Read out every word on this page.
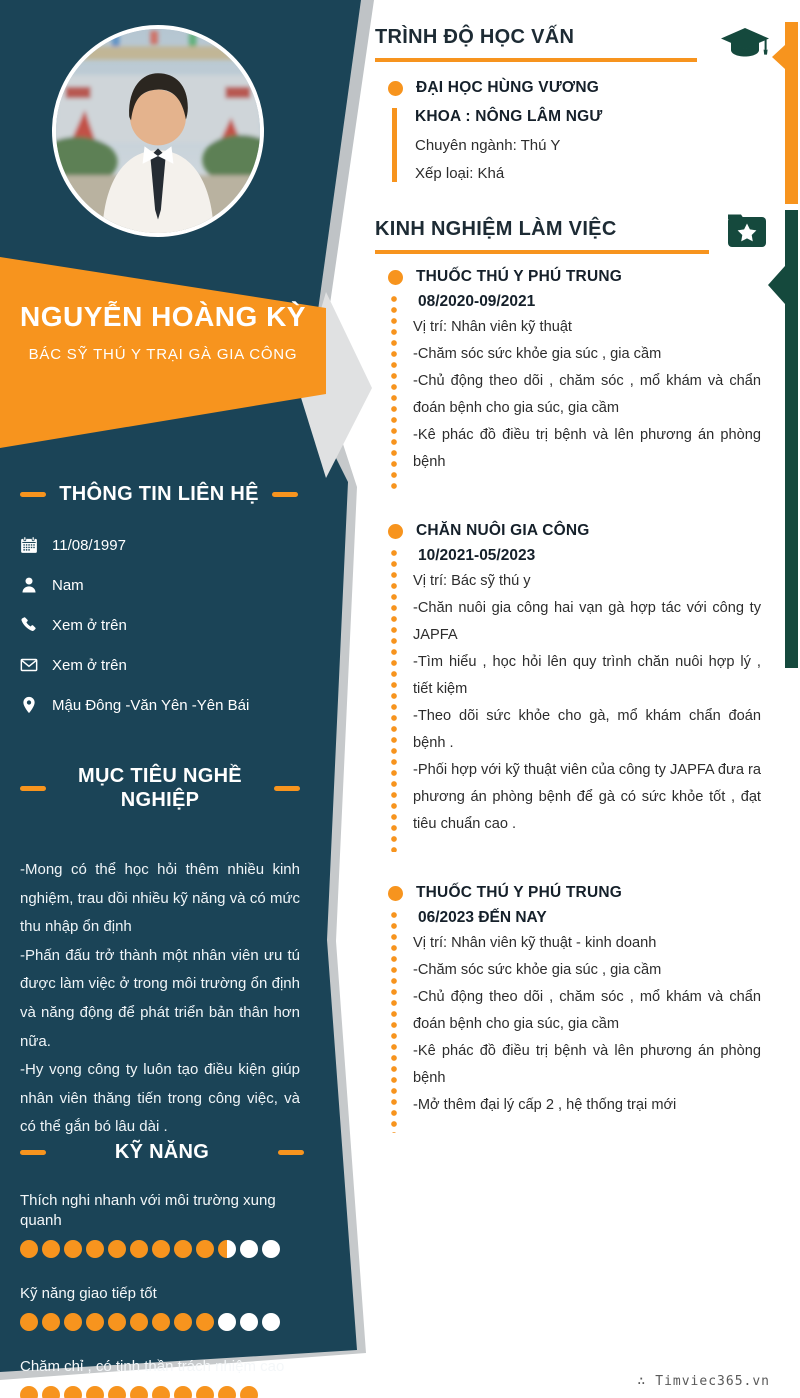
NGUYỄN HOÀNG KỲ
BÁC SỸ THÚ Y TRẠI GÀ GIA CÔNG
THÔNG TIN LIÊN HỆ
11/08/1997
Nam
Xem ở trên
Xem ở trên
Mậu Đông -Văn Yên -Yên Bái
MỤC TIÊU NGHỀ NGHIỆP

-Mong có thể học hỏi thêm nhiều kinh nghiệm, trau dồi nhiều kỹ năng và có mức thu nhập ổn định

-Phấn đấu trở thành một nhân viên ưu tú được làm việc ở trong môi trường ổn định và năng động để phát triển bản thân hơn nữa.

-Hy vọng công ty luôn tạo điều kiện giúp nhân viên thăng tiến trong công việc, và có thể gắn bó lâu dài .

KỸ NĂNG
Thích nghi nhanh với môi trường xung quanh
Kỹ năng giao tiếp tốt
Chăm chỉ , có tinh thần trách nhiệm cao
TRÌNH ĐỘ HỌC VẤN
ĐẠI HỌC HÙNG VƯƠNG
KHOA : NÔNG LÂM NGƯ
Chuyên ngành: Thú Y
Xếp loại: Khá
KINH NGHIỆM LÀM VIỆC
THUỐC THÚ Y PHÚ TRUNG
08/2020-09/2021
Vị trí: Nhân viên kỹ thuật

-Chăm sóc sức khỏe gia súc , gia cầm

-Chủ động theo dõi , chăm sóc , mổ khám và chẩn đoán bệnh cho gia súc, gia cầm

-Kê phác đồ điều trị bệnh và lên phương án phòng bệnh

CHĂN NUÔI GIA CÔNG
10/2021-05/2023
Vị trí: Bác sỹ thú y

-Chăn nuôi gia công hai vạn gà hợp tác với công ty JAPFA

-Tìm hiểu , học hỏi lên quy trình chăn nuôi hợp lý , tiết kiệm

-Theo dõi sức khỏe cho gà, mổ khám chẩn đoán bệnh .

-Phối hợp với kỹ thuật viên của công ty JAPFA đưa ra phương án phòng bệnh để gà có sức khỏe tốt , đạt tiêu chuẩn cao .

THUỐC THÚ Y PHÚ TRUNG
06/2023 ĐẾN NAY
Vị trí: Nhân viên kỹ thuật - kinh doanh

-Chăm sóc sức khỏe gia súc , gia cầm

-Chủ động theo dõi , chăm sóc , mổ khám và chẩn đoán bệnh cho gia súc, gia cầm

-Kê phác đồ điều trị bệnh và lên phương án phòng bệnh

-Mở thêm đại lý cấp 2 , hệ thống trại mới

∴ Timviec365.vn
